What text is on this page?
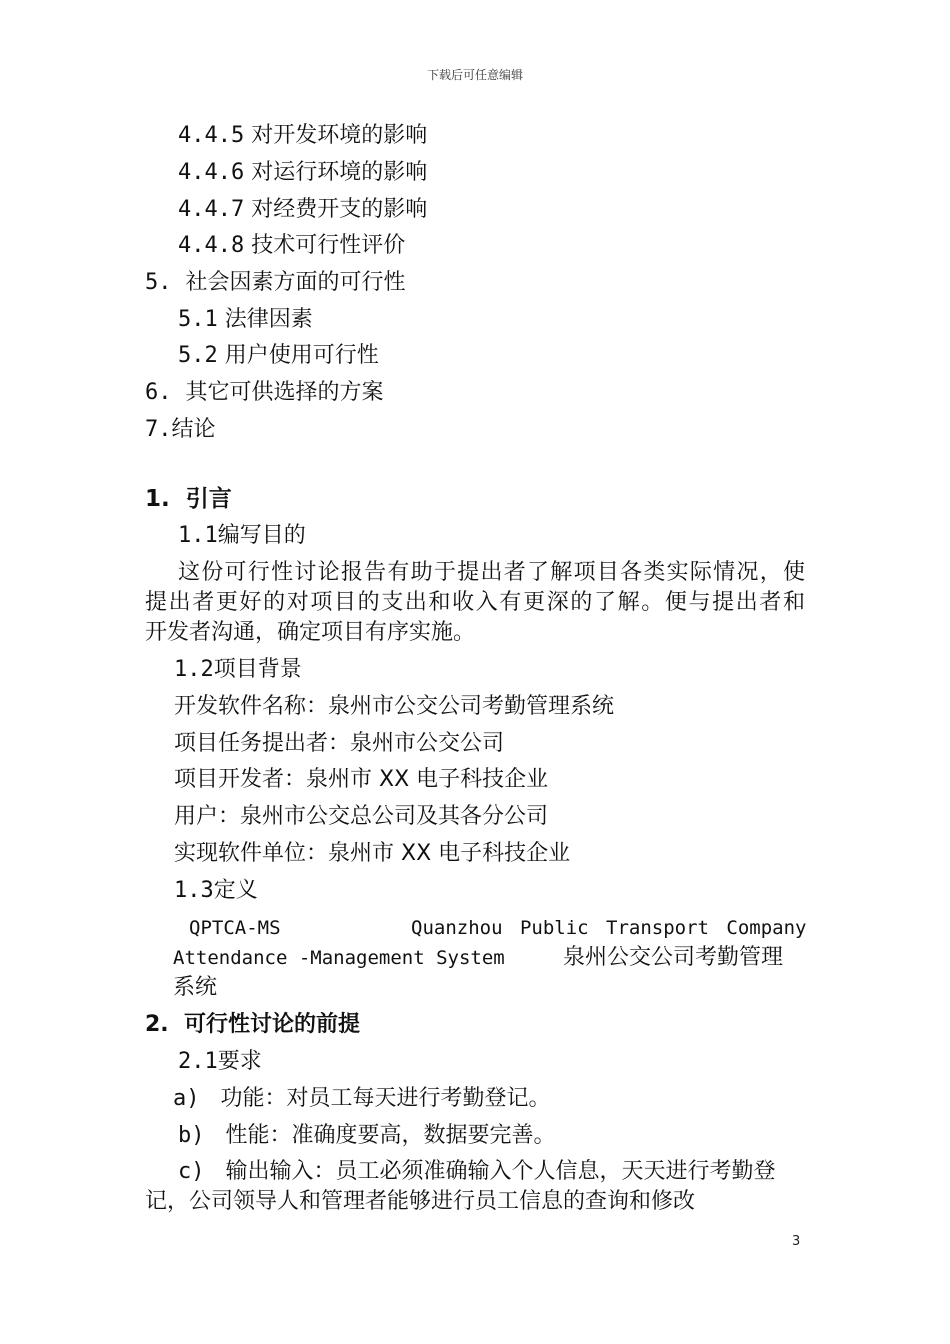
下载后可任意编辑
4.4.5 对开发环境的影响
4.4.6 对运行环境的影响
4.4.7 对经费开支的影响
4.4.8 技术可行性评价
5. 社会因素方面的可行性
5.1 法律因素
5.2 用户使用可行性
6. 其它可供选择的方案
7.结论
1. 引言
1.1编写目的
这份可行性讨论报告有助于提出者了解项目各类实际情况，使
提出者更好的对项目的支出和收入有更深的了解。便与提出者和
开发者沟通，确定项目有序实施。
1.2项目背景
开发软件名称：泉州市公交公司考勤管理系统
项目任务提出者：泉州市公交公司
项目开发者：泉州市 XX 电子科技企业
用户：泉州市公交总公司及其各分公司
实现软件单位：泉州市 XX 电子科技企业
1.3定义
QPTCA-MS	Quanzhou Public Transport Company
Attendance -Management System	泉州公交公司考勤管理
系统
2. 可行性讨论的前提
2.1要求
a) 功能：对员工每天进行考勤登记。
b) 性能：准确度要高，数据要完善。
c) 输出输入：员工必须准确输入个人信息，天天进行考勤登
记，公司领导人和管理者能够进行员工信息的查询和修改
3
